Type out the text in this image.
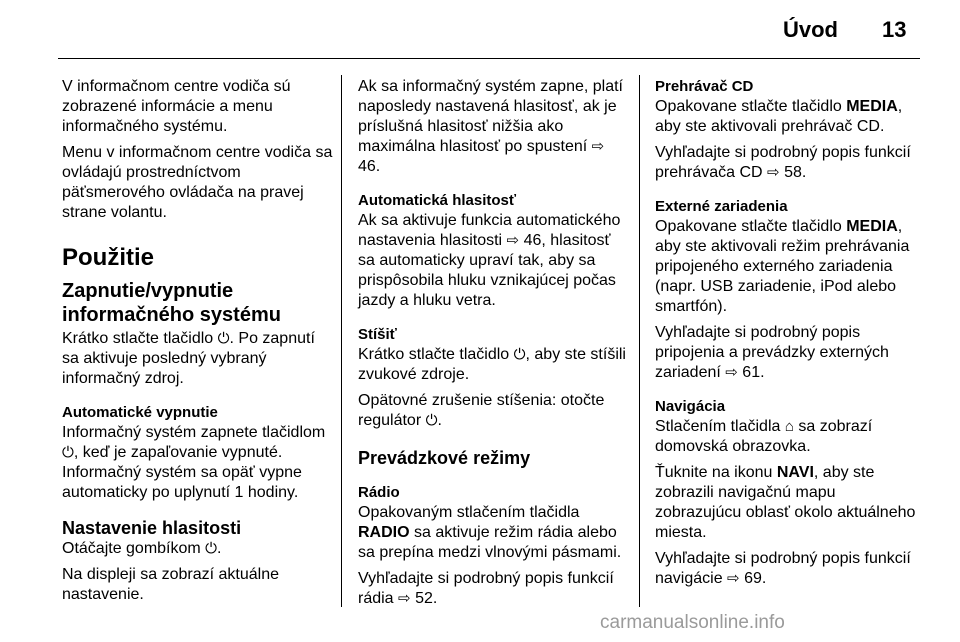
Úvod 13

V informačnom centre vodiča sú zobrazené informácie a menu informačného systému.

Menu v informačnom centre vodiča sa ovládajú prostredníctvom päťsmerového ovládača na pravej strane volantu.

Použitie
Zapnutie/vypnutie informačného systému

Krátko stlačte tlačidlo ⏻. Po zapnutí sa aktivuje posledný vybraný informačný zdroj.

Automatické vypnutie

Informačný systém zapnete tlačidlom ⏻, keď je zapaľovanie vypnuté. Informačný systém sa opäť vypne automaticky po uplynutí 1 hodiny.

Nastavenie hlasitosti

Otáčajte gombíkom ⏻.

Na displeji sa zobrazí aktuálne nastavenie.

Ak sa informačný systém zapne, platí naposledy nastavená hlasitosť, ak je príslušná hlasitosť nižšia ako maximálna hlasitosť po spustení ⇨ 46.

Automatická hlasitosť

Ak sa aktivuje funkcia automatického nastavenia hlasitosti ⇨ 46, hlasitosť sa automaticky upraví tak, aby sa prispôsobila hluku vznikajúcej počas jazdy a hluku vetra.

Stíšiť

Krátko stlačte tlačidlo ⏻, aby ste stíšili zvukové zdroje.

Opätovné zrušenie stíšenia: otočte regulátor ⏻.

Prevádzkové režimy
Rádio

Opakovaným stlačením tlačidla RADIO sa aktivuje režim rádia alebo sa prepína medzi vlnovými pásmami.

Vyhľadajte si podrobný popis funkcií rádia ⇨ 52.

Prehrávač CD

Opakovane stlačte tlačidlo MEDIA, aby ste aktivovali prehrávač CD.

Vyhľadajte si podrobný popis funkcií prehrávača CD ⇨ 58.

Externé zariadenia

Opakovane stlačte tlačidlo MEDIA, aby ste aktivovali režim prehrávania pripojeného externého zariadenia (napr. USB zariadenie, iPod alebo smartfón).

Vyhľadajte si podrobný popis pripojenia a prevádzky externých zariadení ⇨ 61.

Navigácia

Stlačením tlačidla ⌂ sa zobrazí domovská obrazovka.

Ťuknite na ikonu NAVI, aby ste zobrazili navigačnú mapu zobrazujúcu oblasť okolo aktuálneho miesta.

Vyhľadajte si podrobný popis funkcií navigácie ⇨ 69.

carmanualsonline.info
